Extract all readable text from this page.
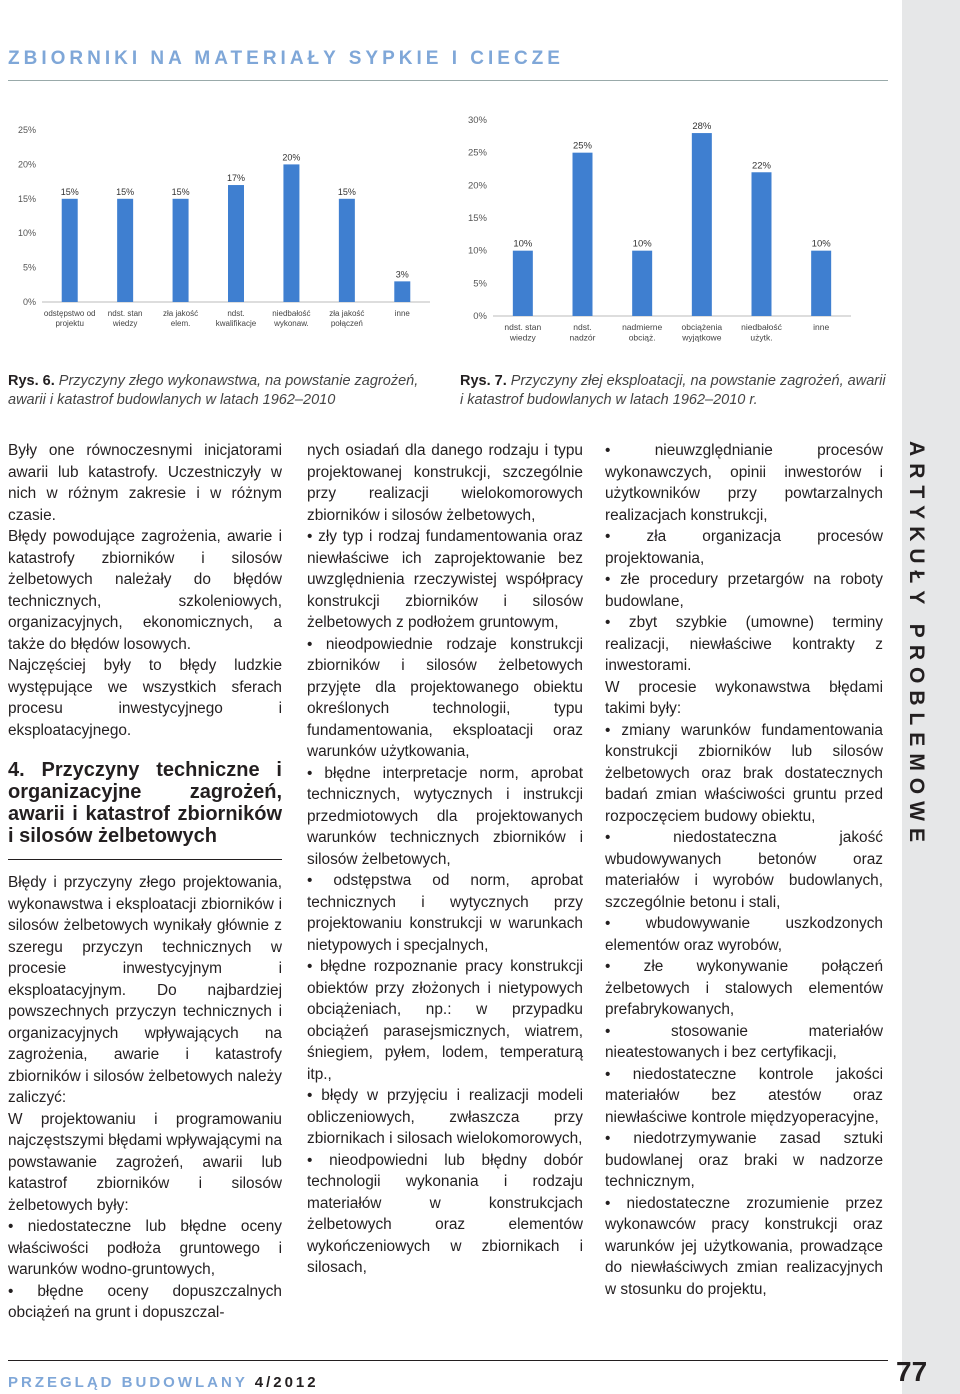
ARTYKUŁY PROBLEMOWE
ZBIORNIKI NA MATERIAŁY SYPKIE I CIECZE
0%
5%
10%
15%
20%
25%
15%
odstępstwo od projektu
15%
ndst. stan wiedzy
15%
zła jakość elem.
17%
ndst. kwalifikacje
20%
niedbałość wykonaw.
15%
zła jakość połączeń
3%
inne	0%
5%
10%
15%
20%
25%
30%
10%
ndst. stan wiedzy
25%
ndst. nadzór
10%
nadmierne obciąż.
28%
obciążenia wyjątkowe
22%
niedbałość użytk.
10%
inne
Rys. 6. Przyczyny złego wykonawstwa, na powstanie zagrożeń, awarii i katastrof budowlanych w latach 1962–2010
Rys. 7. Przyczyny złej eksploatacji, na powstanie zagrożeń, awarii i katastrof budowlanych w latach 1962–2010 r.

Były one równoczesnymi inicjatorami awarii lub katastrofy. Uczestniczyły w nich w różnym zakresie i w różnym czasie.

Błędy powodujące zagrożenia, awarie i katastrofy zbiorników i silosów żelbetowych należały do błędów technicznych, szkoleniowych, organizacyjnych, ekonomicznych, a także do błędów losowych.

Najczęściej były to błędy ludzkie występujące we wszystkich sferach procesu inwestycyjnego i eksploatacyjnego.

4. Przyczyny techniczne i organizacyjne zagrożeń, awarii i katastrof zbiorników i silosów żelbetowych

Błędy i przyczyny złego projektowania, wykonawstwa i eksploatacji zbiorników i silosów żelbetowych wynikały głównie z szeregu przyczyn technicznych w procesie inwestycyjnym i eksploatacyjnym. Do najbardziej powszechnych przyczyn technicznych i organizacyjnych wpływających na zagrożenia, awarie i katastrofy zbiorników i silosów żelbetowych należy zaliczyć:

W projektowaniu i programowaniu najczęstszymi błędami wpływającymi na powstawanie zagrożeń, awarii lub katastrof zbiorników i silosów żelbetowych były:

• niedostateczne lub błędne oceny właściwości podłoża gruntowego i warunków wodno-gruntowych,

• błędne oceny dopuszczalnych obciążeń na grunt i dopuszczal-

nych osiadań dla danego rodzaju i typu projektowanej konstrukcji, szczególnie przy realizacji wielokomorowych zbiorników i silosów żelbetowych,

• zły typ i rodzaj fundamentowania oraz niewłaściwe ich zaprojektowanie bez uwzględnienia rzeczywistej współpracy konstrukcji zbiorników i silosów żelbetowych z podłożem gruntowym,

• nieodpowiednie rodzaje konstrukcji zbiorników i silosów żelbetowych przyjęte dla projektowanego obiektu określonych technologii, typu fundamentowania, eksploatacji oraz warunków użytkowania,

• błędne interpretacje norm, aprobat technicznych, wytycznych i instrukcji przedmiotowych dla projektowanych warunków technicznych zbiorników i silosów żelbetowych,

• odstępstwa od norm, aprobat technicznych i wytycznych przy projektowaniu konstrukcji w warunkach nietypowych i specjalnych,

• błędne rozpoznanie pracy konstrukcji obiektów przy złożonych i nietypowych obciążeniach, np.: w przypadku obciążeń parasejsmicznych, wiatrem, śniegiem, pyłem, lodem, temperaturą itp.,

• błędy w przyjęciu i realizacji modeli obliczeniowych, zwłaszcza przy zbiornikach i silosach wielokomorowych,

• nieodpowiedni lub błędny dobór technologii wykonania i rodzaju materiałów w konstrukcjach żelbetowych oraz elementów wykończeniowych w zbiornikach i silosach,

• nieuwzględnianie procesów wykonawczych, opinii inwestorów i użytkowników przy powtarzalnych realizacjach konstrukcji,

• zła organizacja procesów projektowania,

• złe procedury przetargów na roboty budowlane,

• zbyt szybkie (umowne) terminy realizacji, niewłaściwe kontrakty z inwestorami.

W procesie wykonawstwa błędami takimi były:

• zmiany warunków fundamentowania konstrukcji zbiorników lub silosów żelbetowych oraz brak dostatecznych badań zmian właściwości gruntu przed rozpoczęciem budowy obiektu,

• niedostateczna jakość wbudowywanych betonów oraz materiałów i wyrobów budowlanych, szczególnie betonu i stali,

• wbudowywanie uszkodzonych elementów oraz wyrobów,

• złe wykonywanie połączeń żelbetowych i stalowych elementów prefabrykowanych,

• stosowanie materiałów nieatestowanych i bez certyfikacji,

• niedostateczne kontrole jakości materiałów bez atestów oraz niewłaściwe kontrole międzyoperacyjne,

• niedotrzymywanie zasad sztuki budowlanej oraz braki w nadzorze technicznym,

• niedostateczne zrozumienie przez wykonawców pracy konstrukcji oraz warunków jej użytkowania, prowadzące do niewłaściwych zmian realizacyjnych w stosunku do projektu,

PRZEGLĄD BUDOWLANY 4/2012	77
